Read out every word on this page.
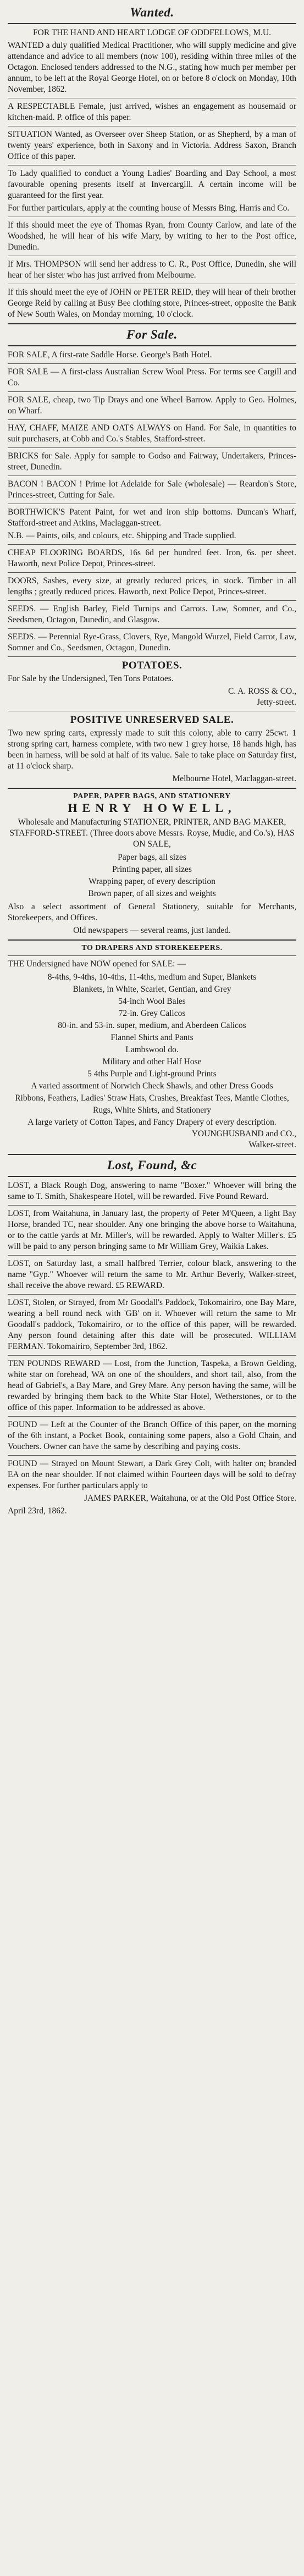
Wanted.
FOR THE HAND AND HEART LODGE OF ODDFELLOWS, M.U.
WANTED a duly qualified Medical Practitioner, who will supply medicine and give attendance and advice to all members (now 100), residing within three miles of the Octagon. Enclosed tenders addressed to the N.G., stating how much per member per annum, to be left at the Royal George Hotel, on or before 8 o'clock on Monday, 10th November, 1862.
A RESPECTABLE Female, just arrived, wishes an engagement as housemaid or kitchen-maid. P. office of this paper.
SITUATION Wanted, as Overseer over Sheep Station, or as Shepherd, by a man of twenty years' experience, both in Saxony and in Victoria. Address Saxon, Branch Office of this paper.
To Lady qualified to conduct a Young Ladies' Boarding and Day School, a most favourable opening presents itself at Invercargill. A certain income will be guaranteed for the first year.
For further particulars, apply at the counting house of Messrs Bing, Harris and Co.
If this should meet the eye of Thomas Ryan, from County Carlow, and late of the Woodshed, he will hear of his wife Mary, by writing to her to the Post office, Dunedin.
If Mrs. THOMPSON will send her address to C. R., Post Office, Dunedin, she will hear of her sister who has just arrived from Melbourne.
If this should meet the eye of JOHN or PETER REID, they will hear of their brother George Reid by calling at Busy Bee clothing store, Princes-street, opposite the Bank of New South Wales, on Monday morning, 10 o'clock.
For Sale.
FOR SALE, A first-rate Saddle Horse. George's Bath Hotel.
FOR SALE — A first-class Australian Screw Wool Press. For terms see Cargill and Co.
FOR SALE, cheap, two Tip Drays and one Wheel Barrow. Apply to Geo. Holmes, on Wharf.
HAY, CHAFF, MAIZE AND OATS ALWAYS on Hand. For Sale, in quantities to suit purchasers, at Cobb and Co.'s Stables, Stafford-street.
BRICKS for Sale. Apply for sample to Godso and Fairway, Undertakers, Princes-street, Dunedin.
BACON ! BACON ! Prime lot Adelaide for Sale (wholesale) — Reardon's Store, Princes-street, Cutting for Sale.
BORTHWICK'S Patent Paint, for wet and iron ship bottoms. Duncan's Wharf, Stafford-street and Atkins, Maclaggan-street.
N.B. — Paints, oils, and colours, etc. Shipping and Trade supplied.
CHEAP FLOORING BOARDS, 16s 6d per hundred feet. Iron, 6s. per sheet. Haworth, next Police Depot, Princes-street.
DOORS, Sashes, every size, at greatly reduced prices, in stock. Timber in all lengths ; greatly reduced prices. Haworth, next Police Depot, Princes-street.
SEEDS. — English Barley, Field Turnips and Carrots. Law, Somner, and Co., Seedsmen, Octagon, Dunedin, and Glasgow.
SEEDS. — Perennial Rye-Grass, Clovers, Rye, Mangold Wurzel, Field Carrot, Law, Somner and Co., Seedsmen, Octagon, Dunedin.
POTATOES.
For Sale by the Undersigned, Ten Tons Potatoes.
C. A. ROSS & CO.,
Jetty-street.
POSITIVE UNRESERVED SALE.
Two new spring carts, expressly made to suit this colony, able to carry 25cwt. 1 strong spring cart, harness complete, with two new 1 grey horse, 18 hands high, has been in harness, will be sold at half of its value. Sale to take place on Saturday first, at 11 o'clock sharp.
Melbourne Hotel, Maclaggan-street.
PAPER, PAPER BAGS, AND STATIONERY
HENRY HOWELL,
Wholesale and Manufacturing STATIONER, PRINTER, AND BAG MAKER, STAFFORD-STREET. (Three doors above Messrs. Royse, Mudie, and Co.'s), HAS ON SALE,
Paper bags, all sizes
Printing paper, all sizes
Wrapping paper, of every description
Brown paper, of all sizes and weights
Also a select assortment of General Stationery, suitable for Merchants, Storekeepers, and Offices.
Old newspapers — several reams, just landed.
TO DRAPERS AND STOREKEEPERS.
THE Undersigned have NOW opened for SALE: —
8-4ths, 9-4ths, 10-4ths, 11-4ths, medium and Super, Blankets
Blankets, in White, Scarlet, Gentian, and Grey
54-inch Wool Bales
72-in. Grey Calicos
80-in. and 53-in. super, medium, and Aberdeen Calicos
Flannel Shirts and Pants
Lambswool do.
Military and other Half Hose
5 4ths Purple and Light-ground Prints
A varied assortment of Norwich Check Shawls, and other Dress Goods
Ribbons, Feathers, Ladies' Straw Hats, Crashes, Breakfast Tees, Mantle Clothes, Rugs, White Shirts, and Stationery
A large variety of Cotton Tapes, and Fancy Drapery of every description.
YOUNGHUSBAND and CO.,
Walker-street.
Lost, Found, &c
LOST, a Black Rough Dog, answering to name "Boxer." Whoever will bring the same to T. Smith, Shakespeare Hotel, will be rewarded. Five Pound Reward.
LOST, from Waitahuna, in January last, the property of Peter M'Queen, a light Bay Horse, branded TC, near shoulder. Any one bringing the above horse to Waitahuna, or to the cattle yards at Mr. Miller's, will be rewarded. Apply to Walter Miller's. £5 will be paid to any person bringing same to Mr William Grey, Waikia Lakes.
LOST, on Saturday last, a small halfbred Terrier, colour black, answering to the name "Gyp." Whoever will return the same to Mr. Arthur Beverly, Walker-street, shall receive the above reward. £5 REWARD.
LOST, Stolen, or Strayed, from Mr Goodall's Paddock, Tokomairiro, one Bay Mare, wearing a bell round neck with 'GB' on it. Whoever will return the same to Mr Goodall's paddock, Tokomairiro, or to the office of this paper, will be rewarded. Any person found detaining after this date will be prosecuted. WILLIAM FERMAN. Tokomairiro, September 3rd, 1862.
TEN POUNDS REWARD — Lost, from the Junction, Taspeka, a Brown Gelding, white star on forehead, WA on one of the shoulders, and short tail, also, from the head of Gabriel's, a Bay Mare, and Grey Mare. Any person having the same, will be rewarded by bringing them back to the White Star Hotel, Wetherstones, or to the office of this paper. Information to be addressed as above.
FOUND — Left at the Counter of the Branch Office of this paper, on the morning of the 6th instant, a Pocket Book, containing some papers, also a Gold Chain, and Vouchers. Owner can have the same by describing and paying costs.
FOUND — Strayed on Mount Stewart, a Dark Grey Colt, with halter on; branded EA on the near shoulder. If not claimed within Fourteen days will be sold to defray expenses. For further particulars apply to
JAMES PARKER, Waitahuna, or at the Old Post Office Store.
April 23rd, 1862.
